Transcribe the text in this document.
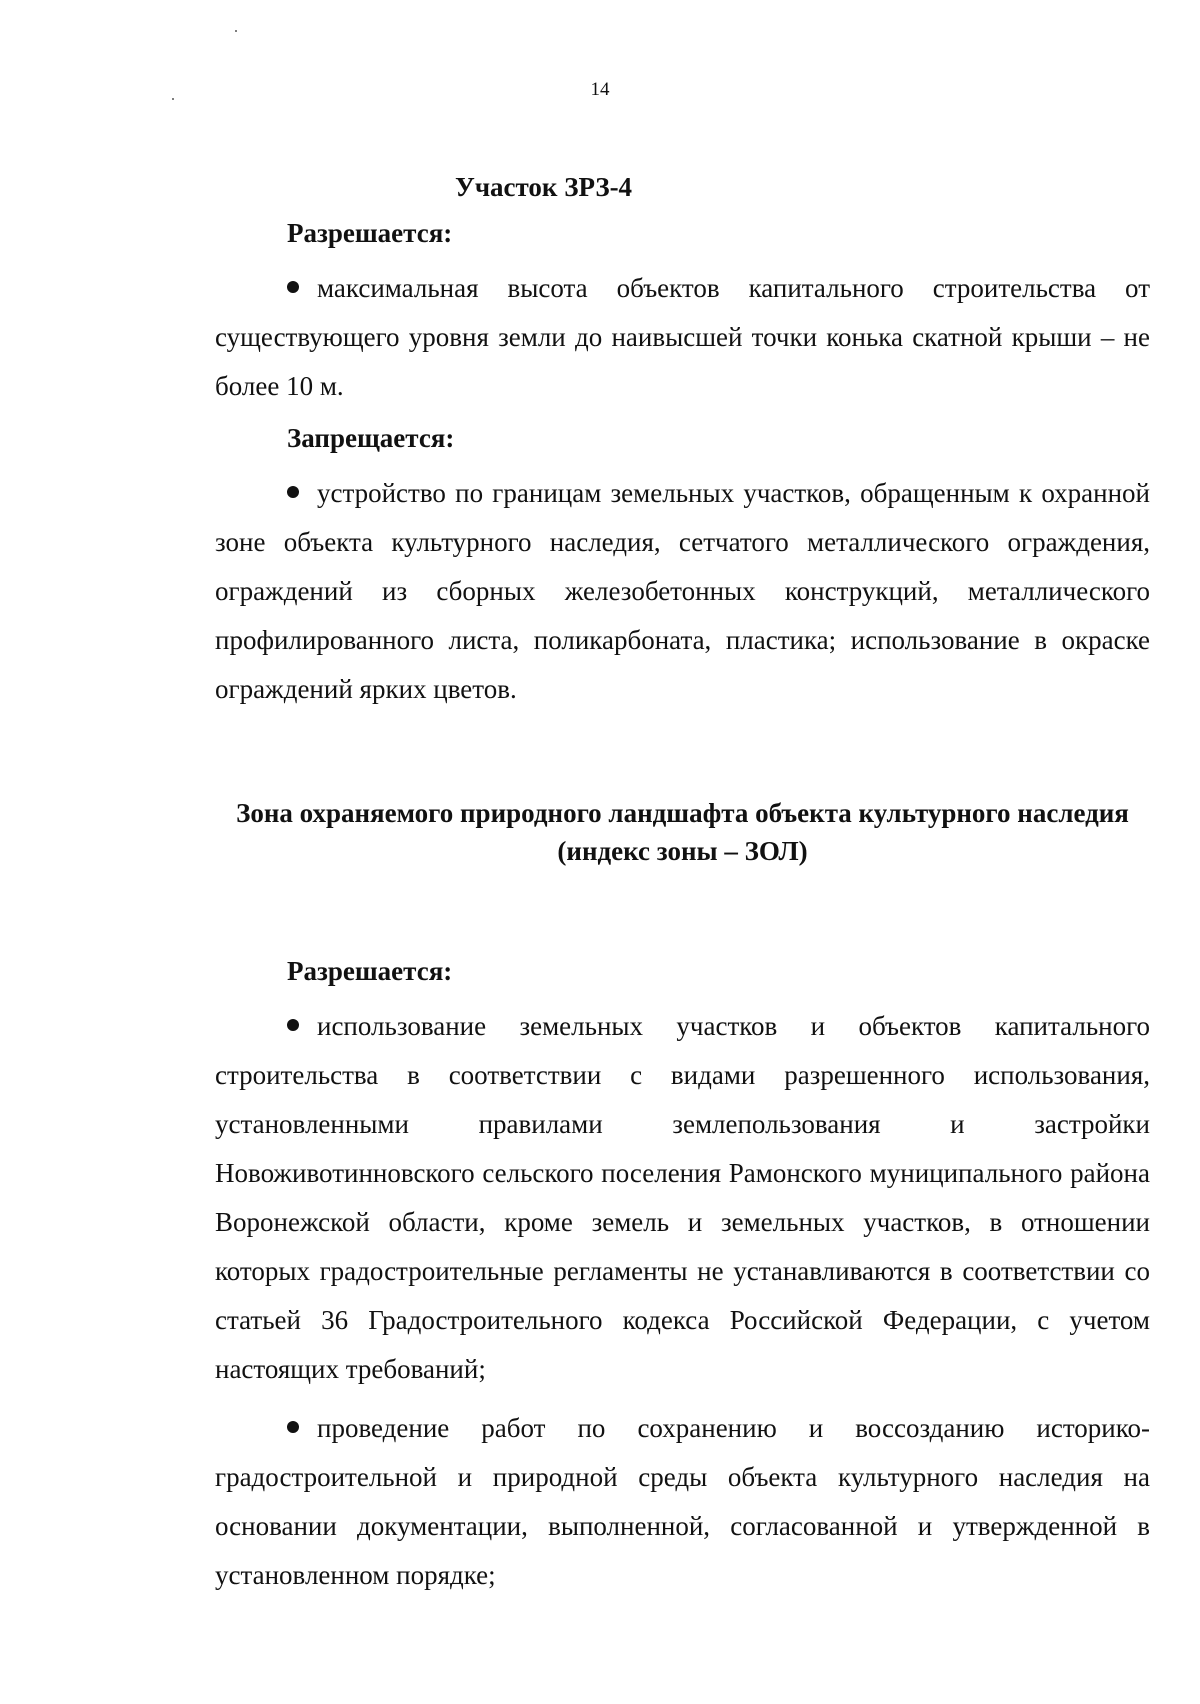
14
Участок ЗРЗ-4
Разрешается:

максимальная высота объектов капитального строительства от существующего уровня земли до наивысшей точки конька скатной крыши – не более 10 м.

Запрещается:

устройство по границам земельных участков, обращенным к охранной зоне объекта культурного наследия, сетчатого металлического ограждения, ограждений из сборных железобетонных конструкций, металлического профилированного листа, поликарбоната, пластика; использование в окраске ограждений ярких цветов.

Зона охраняемого природного ландшафта объекта культурного наследия (индекс зоны – ЗОЛ)
Разрешается:

использование земельных участков и объектов капитального строительства в соответствии с видами разрешенного использования, установленными правилами землепользования и застройки Новоживотинновского сельского поселения Рамонского муниципального района Воронежской области, кроме земель и земельных участков, в отношении которых градостроительные регламенты не устанавливаются в соответствии со статьей 36 Градостроительного кодекса Российской Федерации, с учетом настоящих требований;

проведение работ по сохранению и воссозданию историко-градостроительной и природной среды объекта культурного наследия на основании документации, выполненной, согласованной и утвержденной в установленном порядке;
